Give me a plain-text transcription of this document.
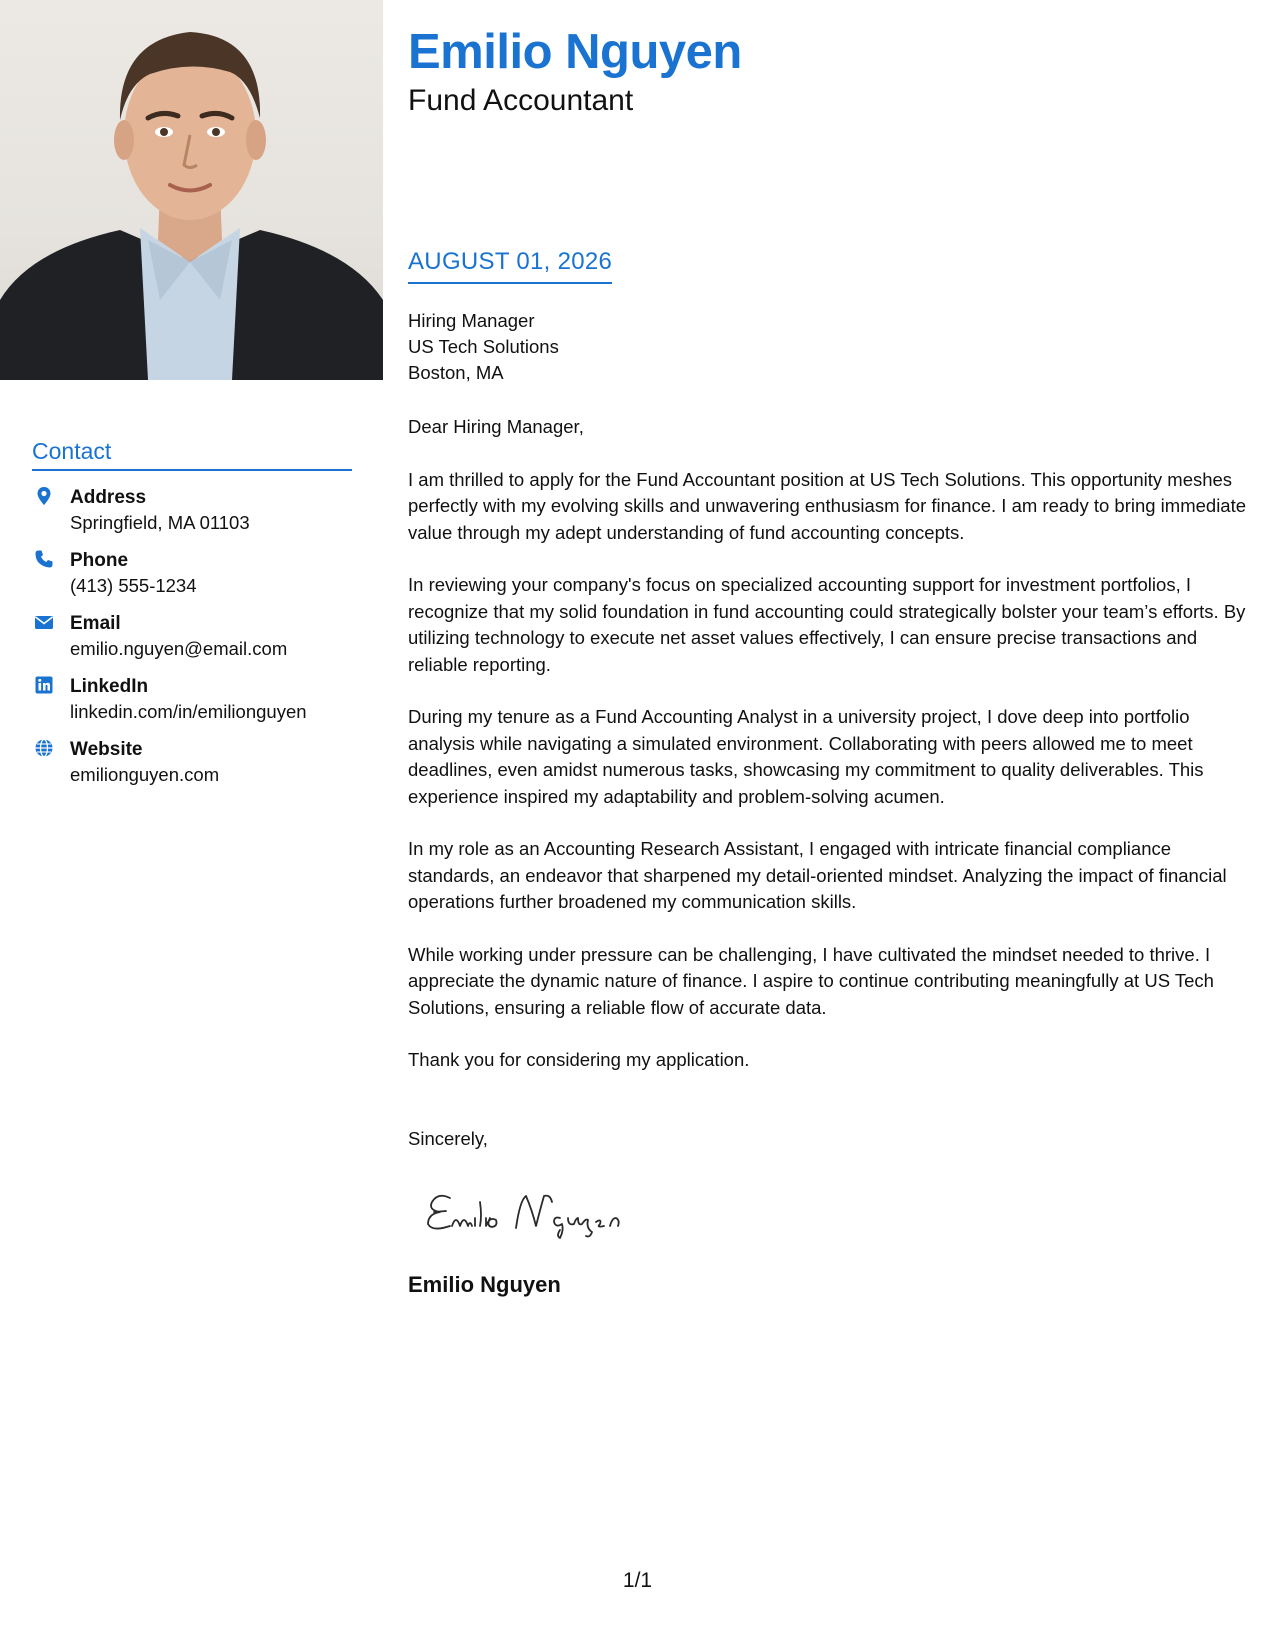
Contact
Address
Springfield, MA 01103
Phone
(413) 555-1234
Email
emilio.nguyen@email.com
LinkedIn
linkedin.com/in/emilionguyen
Website
emilionguyen.com
Emilio Nguyen
Fund Accountant
AUGUST 01, 2026
Hiring Manager
US Tech Solutions
Boston, MA

Dear Hiring Manager,

I am thrilled to apply for the Fund Accountant position at US Tech Solutions. This opportunity meshes perfectly with my evolving skills and unwavering enthusiasm for finance. I am ready to bring immediate value through my adept understanding of fund accounting concepts.

In reviewing your company's focus on specialized accounting support for investment portfolios, I recognize that my solid foundation in fund accounting could strategically bolster your team’s efforts. By utilizing technology to execute net asset values effectively, I can ensure precise transactions and reliable reporting.

During my tenure as a Fund Accounting Analyst in a university project, I dove deep into portfolio analysis while navigating a simulated environment. Collaborating with peers allowed me to meet deadlines, even amidst numerous tasks, showcasing my commitment to quality deliverables. This experience inspired my adaptability and problem-solving acumen.

In my role as an Accounting Research Assistant, I engaged with intricate financial compliance standards, an endeavor that sharpened my detail-oriented mindset. Analyzing the impact of financial operations further broadened my communication skills.

While working under pressure can be challenging, I have cultivated the mindset needed to thrive. I appreciate the dynamic nature of finance. I aspire to continue contributing meaningfully at US Tech Solutions, ensuring a reliable flow of accurate data.

Thank you for considering my application.

Sincerely,
Emilio Nguyen
1/1
